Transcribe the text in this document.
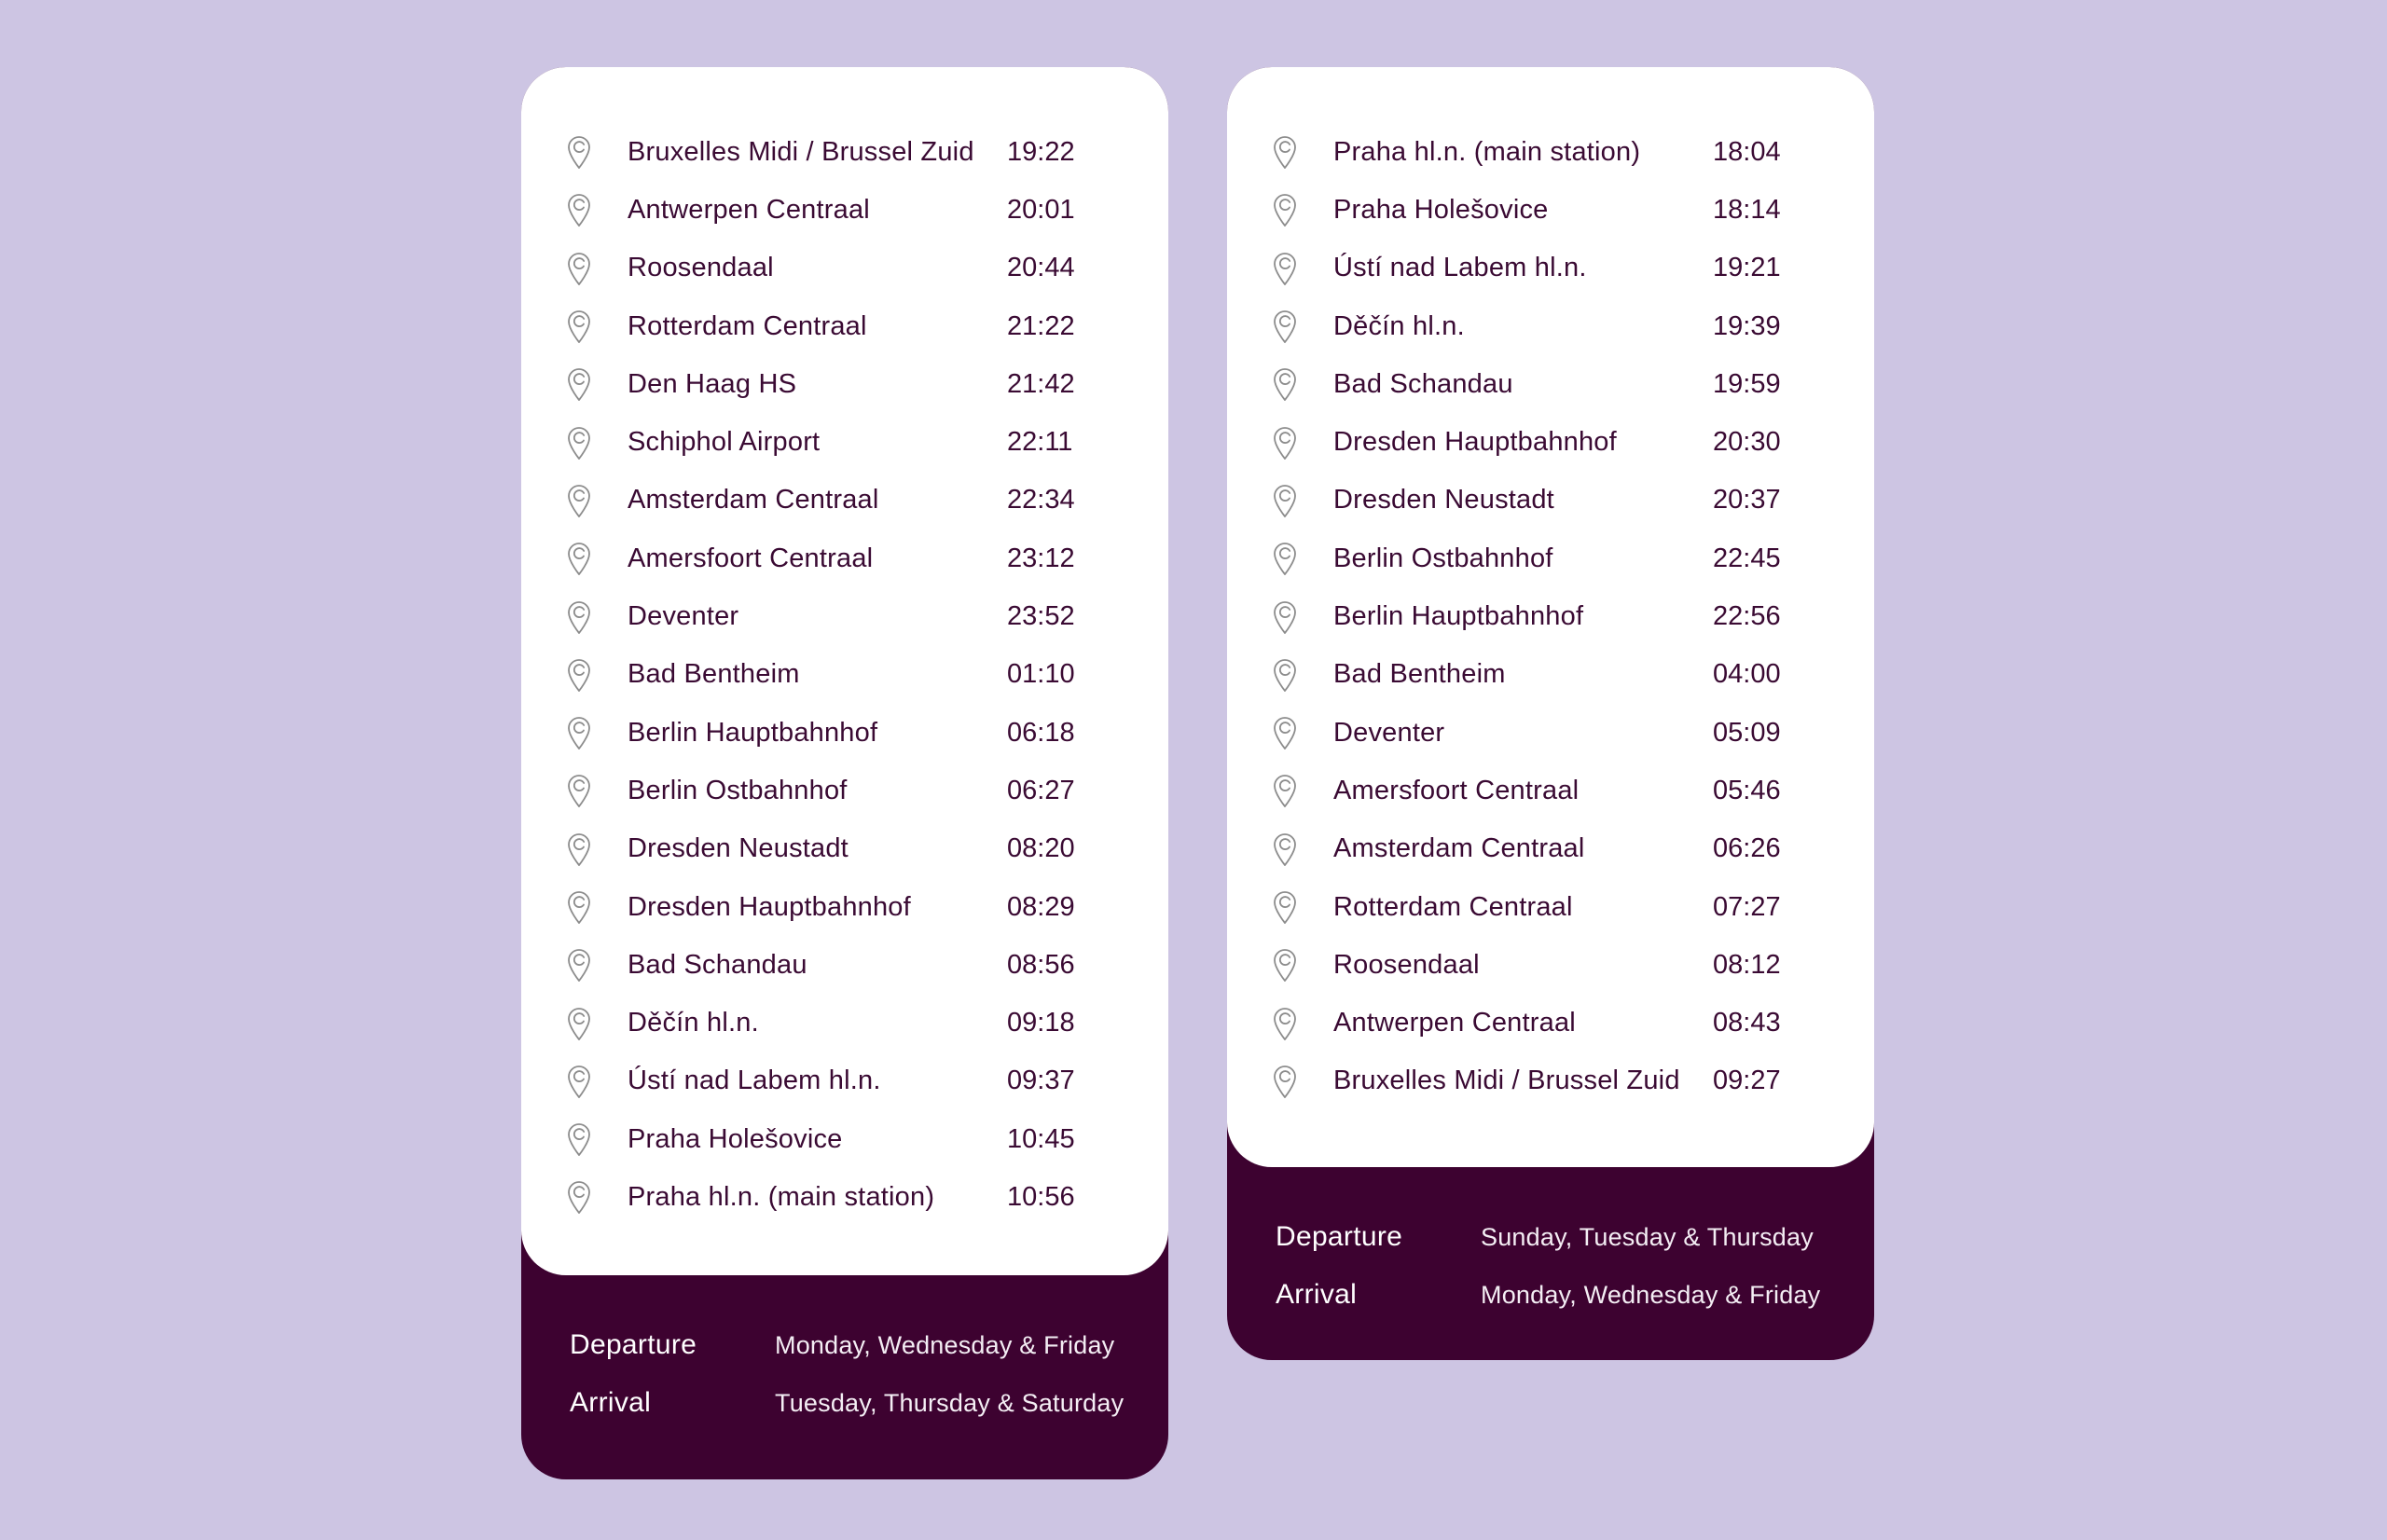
Bruxelles Midi / Brussel Zuid 19:22
Antwerpen Centraal	20:01
Roosendaal	20:44
Rotterdam Centraal	21:22
Den Haag HS	21:42
Schiphol Airport	22:11
Amsterdam Centraal	22:34
Amersfoort Centraal	23:12
Deventer	23:52
Bad Bentheim	01:10
Berlin Hauptbahnhof	06:18
Berlin Ostbahnhof	06:27
Dresden Neustadt	08:20
Dresden Hauptbahnhof	08:29
Bad Schandau	08:56
Děčín hl.n.	09:18
Ústí nad Labem hl.n.	09:37
Praha Holešovice	10:45
Praha hl.n. (main station)	10:56
Departure	Monday, Wednesday & Friday
Arrival	Tuesday, Thursday & Saturday
Praha hl.n. (main station)	18:04
Praha Holešovice	18:14
Ústí nad Labem hl.n.	19:21
Děčín hl.n.	19:39
Bad Schandau	19:59
Dresden Hauptbahnhof	20:30
Dresden Neustadt	20:37
Berlin Ostbahnhof	22:45
Berlin Hauptbahnhof	22:56
Bad Bentheim	04:00
Deventer	05:09
Amersfoort Centraal	05:46
Amsterdam Centraal	06:26
Rotterdam Centraal	07:27
Roosendaal	08:12
Antwerpen Centraal	08:43
Bruxelles Midi / Brussel Zuid 09:27
Departure	Sunday, Tuesday & Thursday
Arrival	Monday, Wednesday & Friday
